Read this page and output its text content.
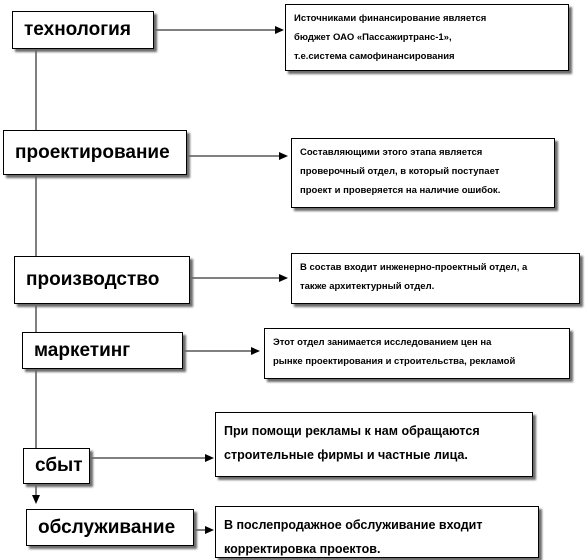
технология
проектирование
производство
маркетинг
сбыт
обслуживание

Источниками финансирование является

бюджет ОАО «Пассажиртранс-1»,

т.е.система самофинансирования

Составляющими этого этапа является

проверочный отдел, в который поступает

проект и проверяется на наличие ошибок.

В состав входит инженерно-проектный отдел, а

также архитектурный отдел.

Этот отдел занимается исследованием цен на

рынке проектирования и строительства, рекламой

При помощи рекламы к нам обращаются

строительные фирмы и частные лица.

В послепродажное обслуживание входит

корректировка проектов.
